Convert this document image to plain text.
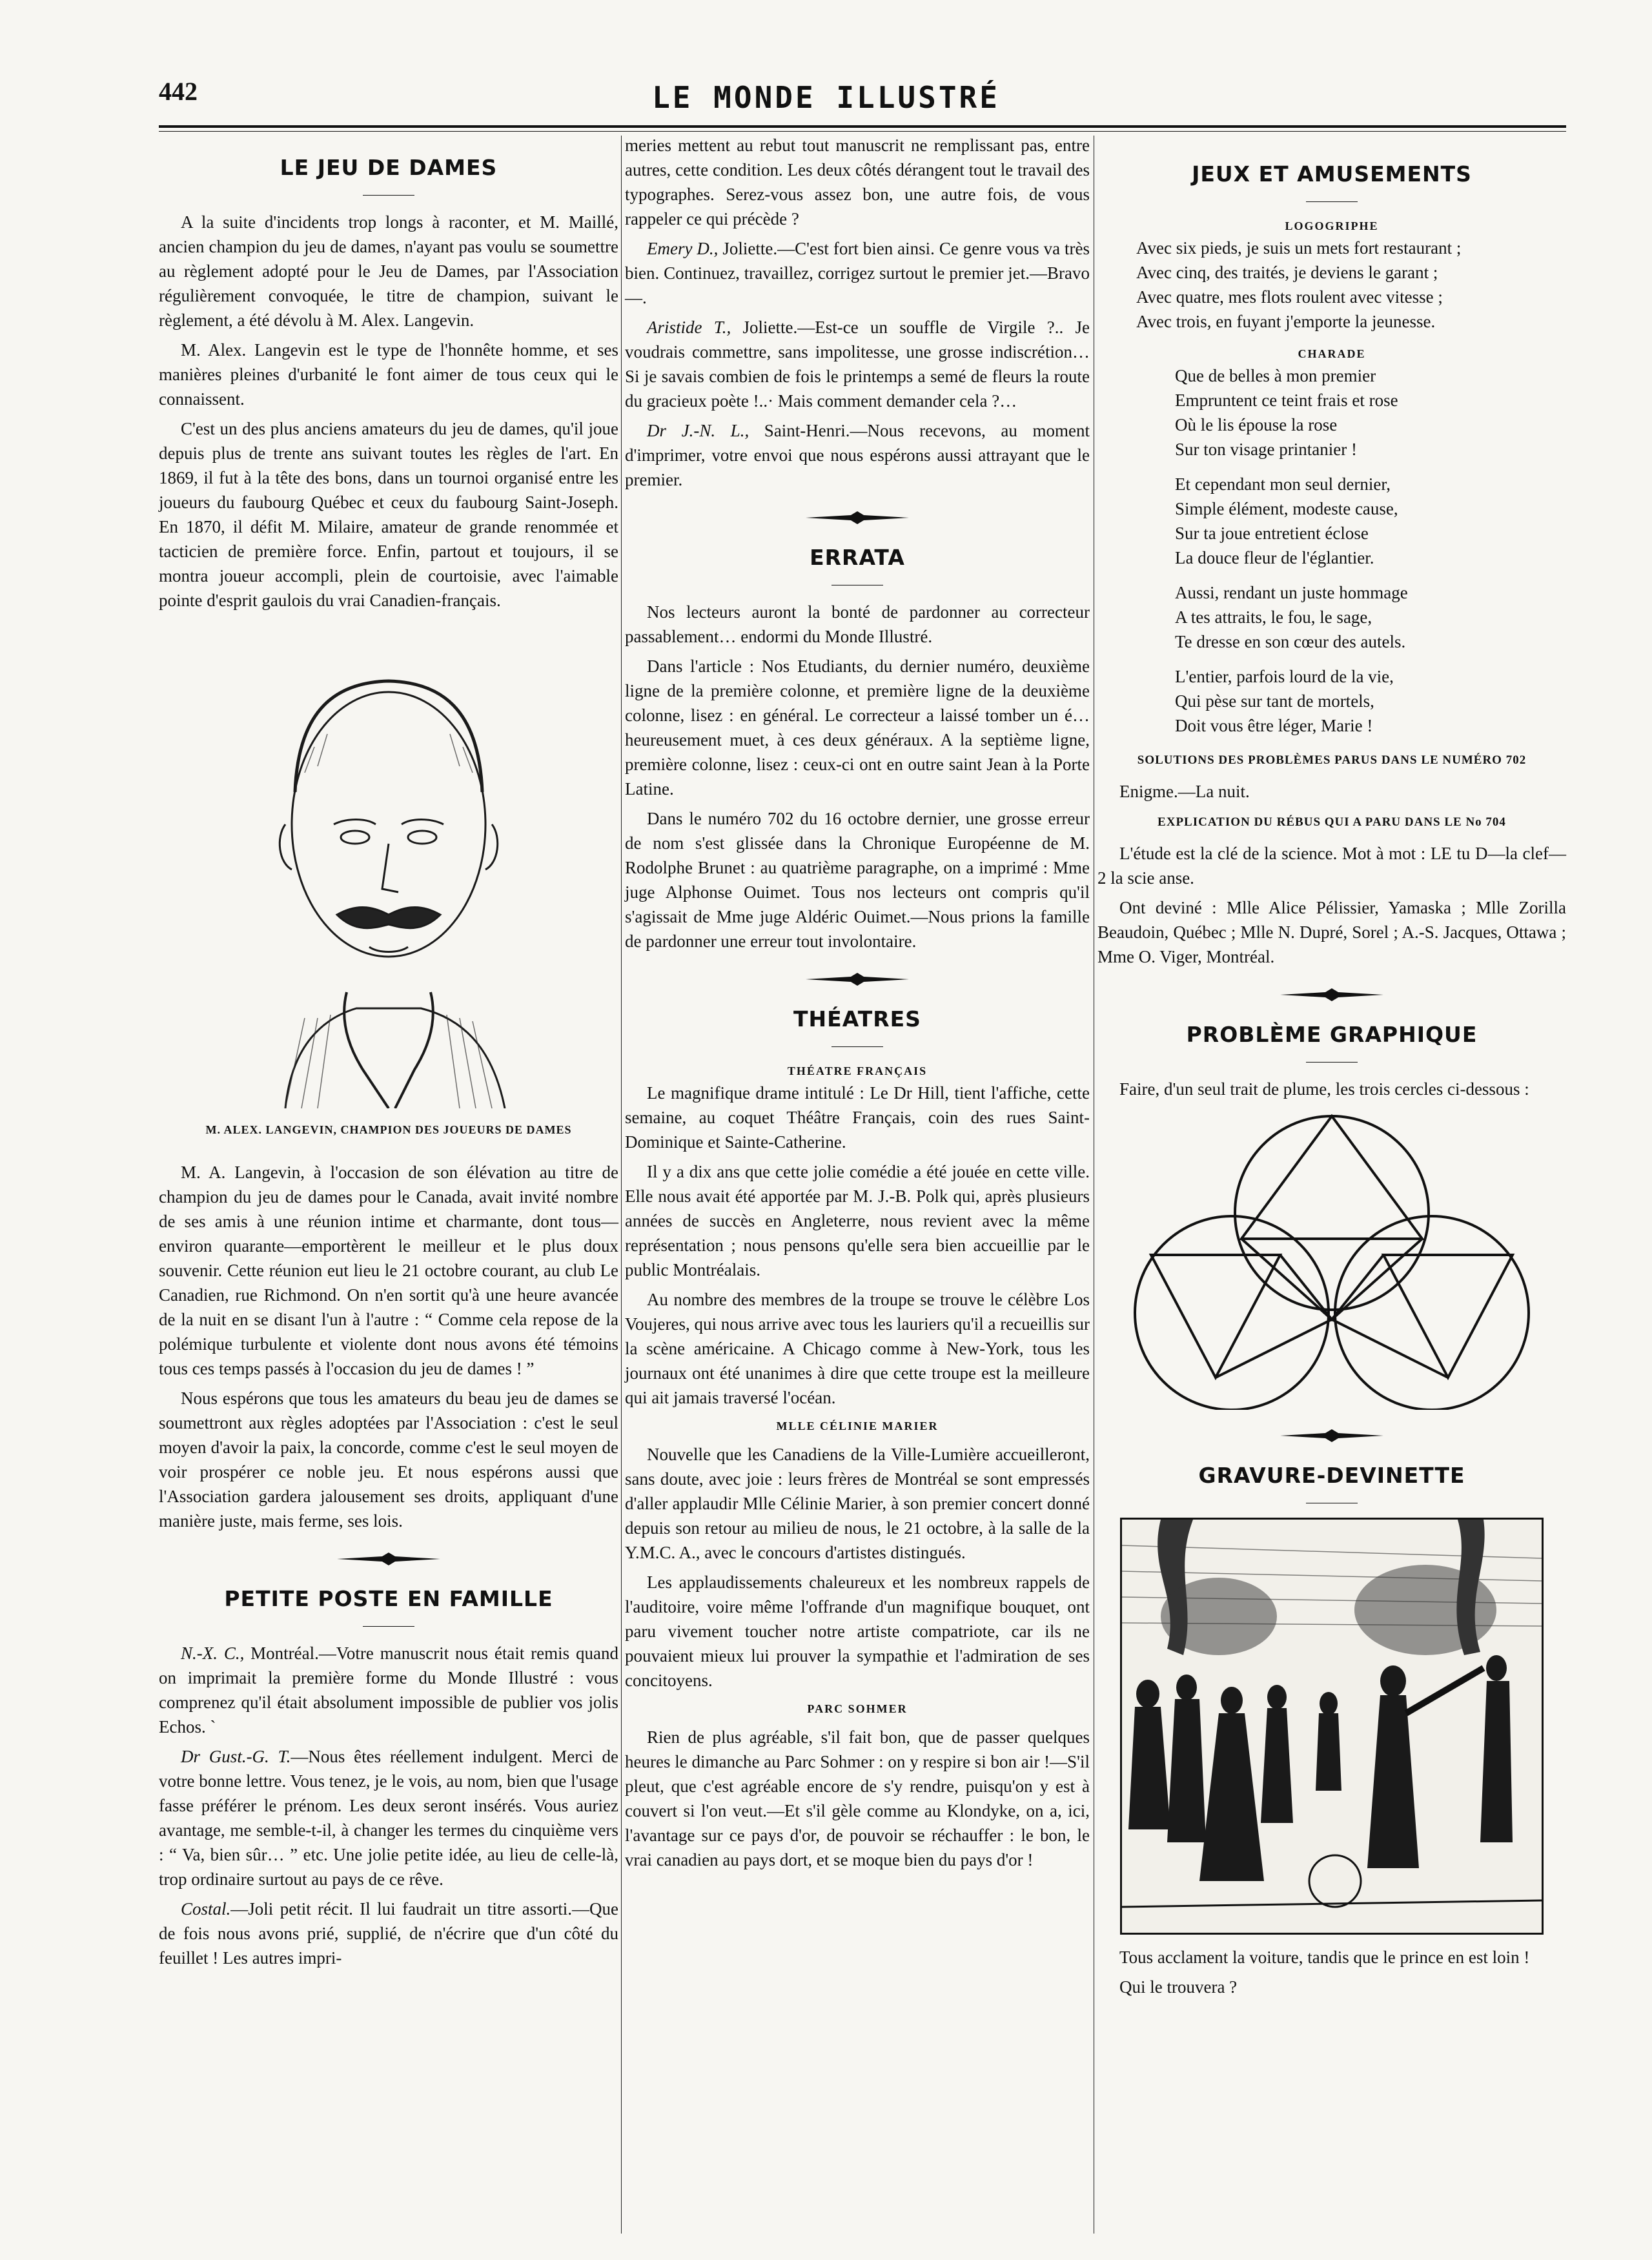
442	LE MONDE ILLUSTRÉ
LE JEU DE DAMES

A la suite d'incidents trop longs à raconter, et M. Maillé, ancien champion du jeu de dames, n'ayant pas voulu se soumettre au règlement adopté pour le Jeu de Dames, par l'Association régulièrement convoquée, le titre de champion, suivant le règlement, a été dévolu à M. Alex. Langevin.

M. Alex. Langevin est le type de l'honnête homme, et ses manières pleines d'urbanité le font aimer de tous ceux qui le connaissent.

C'est un des plus anciens amateurs du jeu de dames, qu'il joue depuis plus de trente ans suivant toutes les règles de l'art. En 1869, il fut à la tête des bons, dans un tournoi organisé entre les joueurs du faubourg Québec et ceux du faubourg Saint-Joseph. En 1870, il défit M. Milaire, amateur de grande renommée et tacticien de première force. Enfin, partout et toujours, il se montra joueur accompli, plein de courtoisie, avec l'aimable pointe d'esprit gaulois du vrai Canadien-français.

M. ALEX. LANGEVIN, CHAMPION DES JOUEURS DE DAMES

M. A. Langevin, à l'occasion de son élévation au titre de champion du jeu de dames pour le Canada, avait invité nombre de ses amis à une réunion intime et charmante, dont tous—environ quarante—emportèrent le meilleur et le plus doux souvenir. Cette réunion eut lieu le 21 octobre courant, au club Le Canadien, rue Richmond. On n'en sortit qu'à une heure avancée de la nuit en se disant l'un à l'autre : “ Comme cela repose de la polémique turbulente et violente dont nous avons été témoins tous ces temps passés à l'occasion du jeu de dames ! ”

Nous espérons que tous les amateurs du beau jeu de dames se soumettront aux règles adoptées par l'Association : c'est le seul moyen d'avoir la paix, la concorde, comme c'est le seul moyen de voir prospérer ce noble jeu. Et nous espérons aussi que l'Association gardera jalousement ses droits, appliquant d'une manière juste, mais ferme, ses lois.

PETITE POSTE EN FAMILLE

N.-X. C., Montréal.—Votre manuscrit nous était remis quand on imprimait la première forme du Monde Illustré : vous comprenez qu'il était absolument impossible de publier vos jolis Echos. `

Dr Gust.-G. T.—Nous êtes réellement indulgent. Merci de votre bonne lettre. Vous tenez, je le vois, au nom, bien que l'usage fasse préférer le prénom. Les deux seront insérés. Vous auriez avantage, me semble-t-il, à changer les termes du cinquième vers : “ Va, bien sûr… ” etc. Une jolie petite idée, au lieu de celle-là, trop ordinaire surtout au pays de ce rêve.

Costal.—Joli petit récit. Il lui faudrait un titre assorti.—Que de fois nous avons prié, supplié, de n'écrire que d'un côté du feuillet ! Les autres impri-

meries mettent au rebut tout manuscrit ne remplissant pas, entre autres, cette condition. Les deux côtés dérangent tout le travail des typographes. Serez-vous assez bon, une autre fois, de vous rappeler ce qui précède ?

Emery D., Joliette.—C'est fort bien ainsi. Ce genre vous va très bien. Continuez, travaillez, corrigez surtout le premier jet.—Bravo—.

Aristide T., Joliette.—Est-ce un souffle de Virgile ?.. Je voudrais commettre, sans impolitesse, une grosse indiscrétion… Si je savais combien de fois le printemps a semé de fleurs la route du gracieux poète !..· Mais comment demander cela ?…

Dr J.-N. L., Saint-Henri.—Nous recevons, au moment d'imprimer, votre envoi que nous espérons aussi attrayant que le premier.

ERRATA

Nos lecteurs auront la bonté de pardonner au correcteur passablement… endormi du Monde Illustré.

Dans l'article : Nos Etudiants, du dernier numéro, deuxième ligne de la première colonne, et première ligne de la deuxième colonne, lisez : en général. Le correcteur a laissé tomber un é… heureusement muet, à ces deux généraux. A la septième ligne, première colonne, lisez : ceux-ci ont en outre saint Jean à la Porte Latine.

Dans le numéro 702 du 16 octobre dernier, une grosse erreur de nom s'est glissée dans la Chronique Européenne de M. Rodolphe Brunet : au quatrième paragraphe, on a imprimé : Mme juge Alphonse Ouimet. Tous nos lecteurs ont compris qu'il s'agissait de Mme juge Aldéric Ouimet.—Nous prions la famille de pardonner une erreur tout involontaire.

THÉATRES
THÉATRE FRANÇAIS

Le magnifique drame intitulé : Le Dr Hill, tient l'affiche, cette semaine, au coquet Théâtre Français, coin des rues Saint-Dominique et Sainte-Catherine.

Il y a dix ans que cette jolie comédie a été jouée en cette ville. Elle nous avait été apportée par M. J.-B. Polk qui, après plusieurs années de succès en Angleterre, nous revient avec la même représentation ; nous pensons qu'elle sera bien accueillie par le public Montréalais.

Au nombre des membres de la troupe se trouve le célèbre Los Voujeres, qui nous arrive avec tous les lauriers qu'il a recueillis sur la scène américaine. A Chicago comme à New-York, tous les journaux ont été unanimes à dire que cette troupe est la meilleure qui ait jamais traversé l'océan.

MLLE CÉLINIE MARIER

Nouvelle que les Canadiens de la Ville-Lumière accueilleront, sans doute, avec joie : leurs frères de Montréal se sont empressés d'aller applaudir Mlle Célinie Marier, à son premier concert donné depuis son retour au milieu de nous, le 21 octobre, à la salle de la Y.M.C. A., avec le concours d'artistes distingués.

Les applaudissements chaleureux et les nombreux rappels de l'auditoire, voire même l'offrande d'un magnifique bouquet, ont paru vivement toucher notre artiste compatriote, car ils ne pouvaient mieux lui prouver la sympathie et l'admiration de ses concitoyens.

PARC SOHMER

Rien de plus agréable, s'il fait bon, que de passer quelques heures le dimanche au Parc Sohmer : on y respire si bon air !—S'il pleut, que c'est agréable encore de s'y rendre, puisqu'on y est à couvert si l'on veut.—Et s'il gèle comme au Klondyke, on a, ici, l'avantage sur ce pays d'or, de pouvoir se réchauffer : le bon, le vrai canadien au pays dort, et se moque bien du pays d'or !

JEUX ET AMUSEMENTS
LOGOGRIPHE

Avec six pieds, je suis un mets fort restaurant ;

Avec cinq, des traités, je deviens le garant ;

Avec quatre, mes flots roulent avec vitesse ;

Avec trois, en fuyant j'emporte la jeunesse.

CHARADE

Que de belles à mon premier

Empruntent ce teint frais et rose

Où le lis épouse la rose

Sur ton visage printanier !

Et cependant mon seul dernier,

Simple élément, modeste cause,

Sur ta joue entretient éclose

La douce fleur de l'églantier.

Aussi, rendant un juste hommage

A tes attraits, le fou, le sage,

Te dresse en son cœur des autels.

L'entier, parfois lourd de la vie,

Qui pèse sur tant de mortels,

Doit vous être léger, Marie !

SOLUTIONS DES PROBLÈMES PARUS DANS LE NUMÉRO 702

Enigme.—La nuit.

EXPLICATION DU RÉBUS QUI A PARU DANS LE No 704

L'étude est la clé de la science. Mot à mot : LE tu D—la clef—2 la scie anse.

Ont deviné : Mlle Alice Pélissier, Yamaska ; Mlle Zorilla Beaudoin, Québec ; Mlle N. Dupré, Sorel ; A.-S. Jacques, Ottawa ; Mme O. Viger, Montréal.

PROBLÈME GRAPHIQUE

Faire, d'un seul trait de plume, les trois cercles ci-dessous :

GRAVURE-DEVINETTE

Tous acclament la voiture, tandis que le prince en est loin !

Qui le trouvera ?
